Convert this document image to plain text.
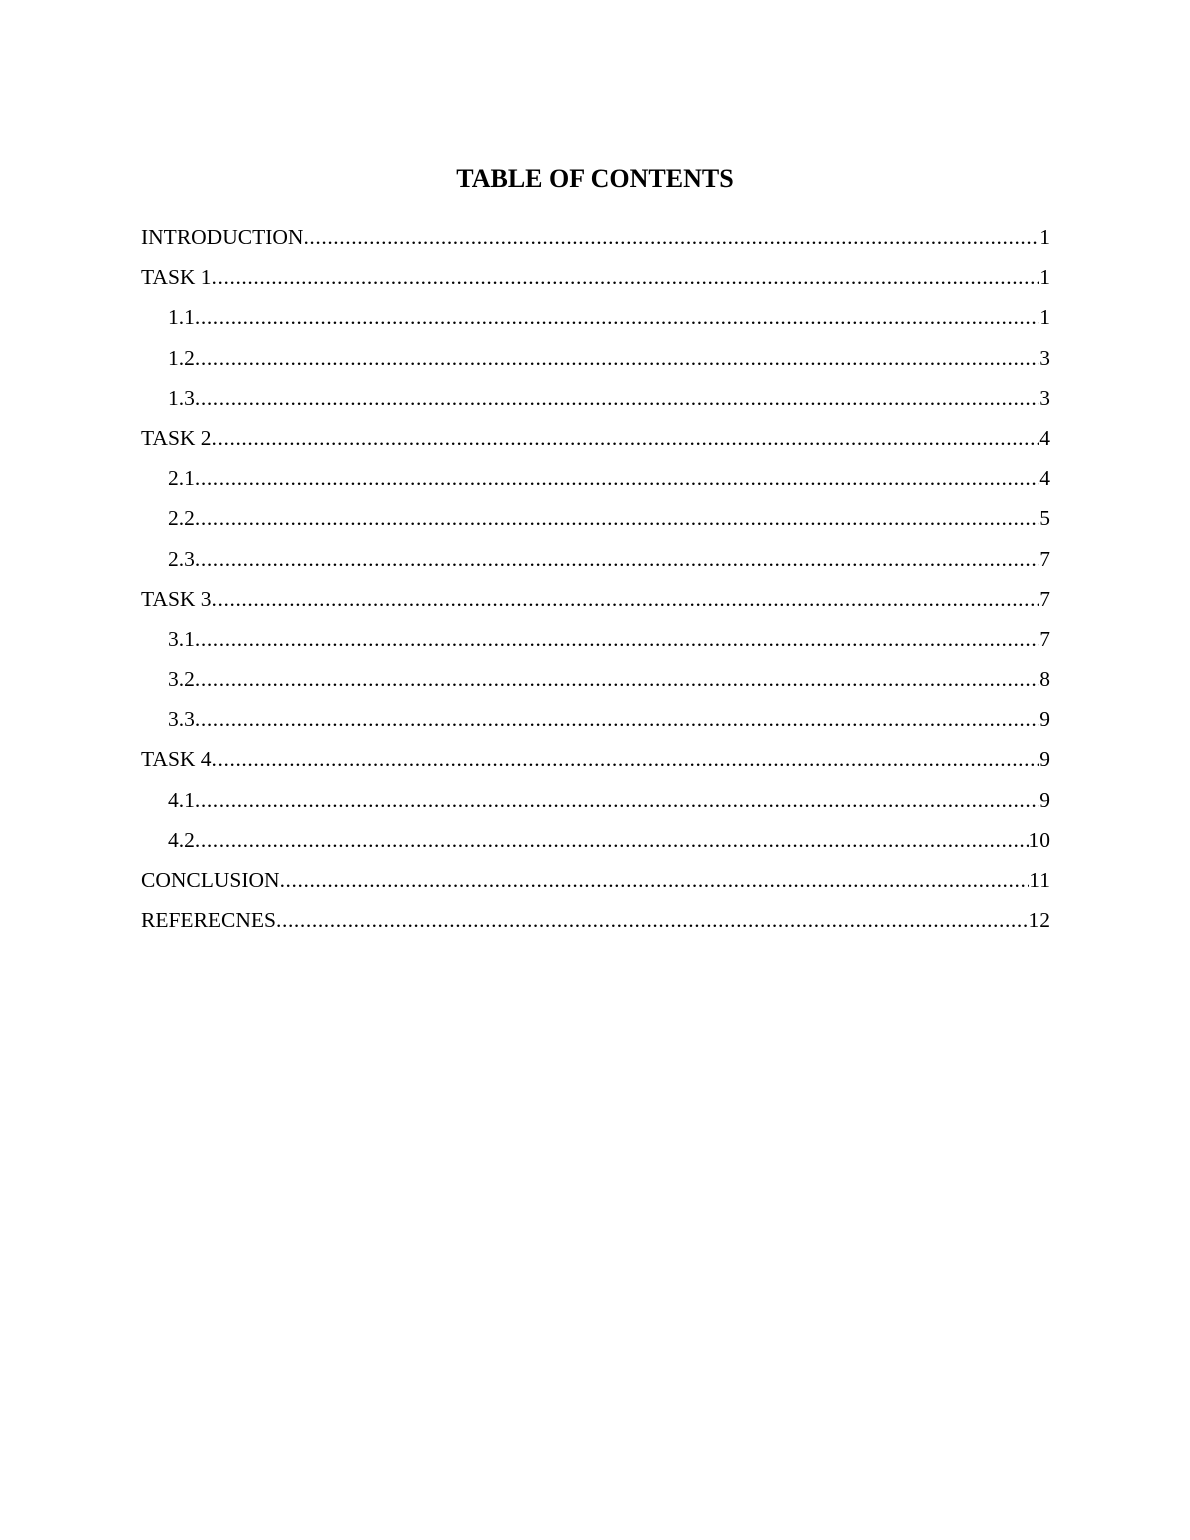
TABLE OF CONTENTS
INTRODUCTION .....	1
TASK 1 .....	1
1.1 .....	1
1.2 .....	3
1.3 .....	3
TASK 2 .....	4
2.1 .....	4
2.2 .....	5
2.3 .....	7
TASK 3 .....	7
3.1 .....	7
3.2 .....	8
3.3 .....	9
TASK 4 .....	9
4.1 .....	9
4.2 .....	10
CONCLUSION .....	11
REFERECNES .....	12
